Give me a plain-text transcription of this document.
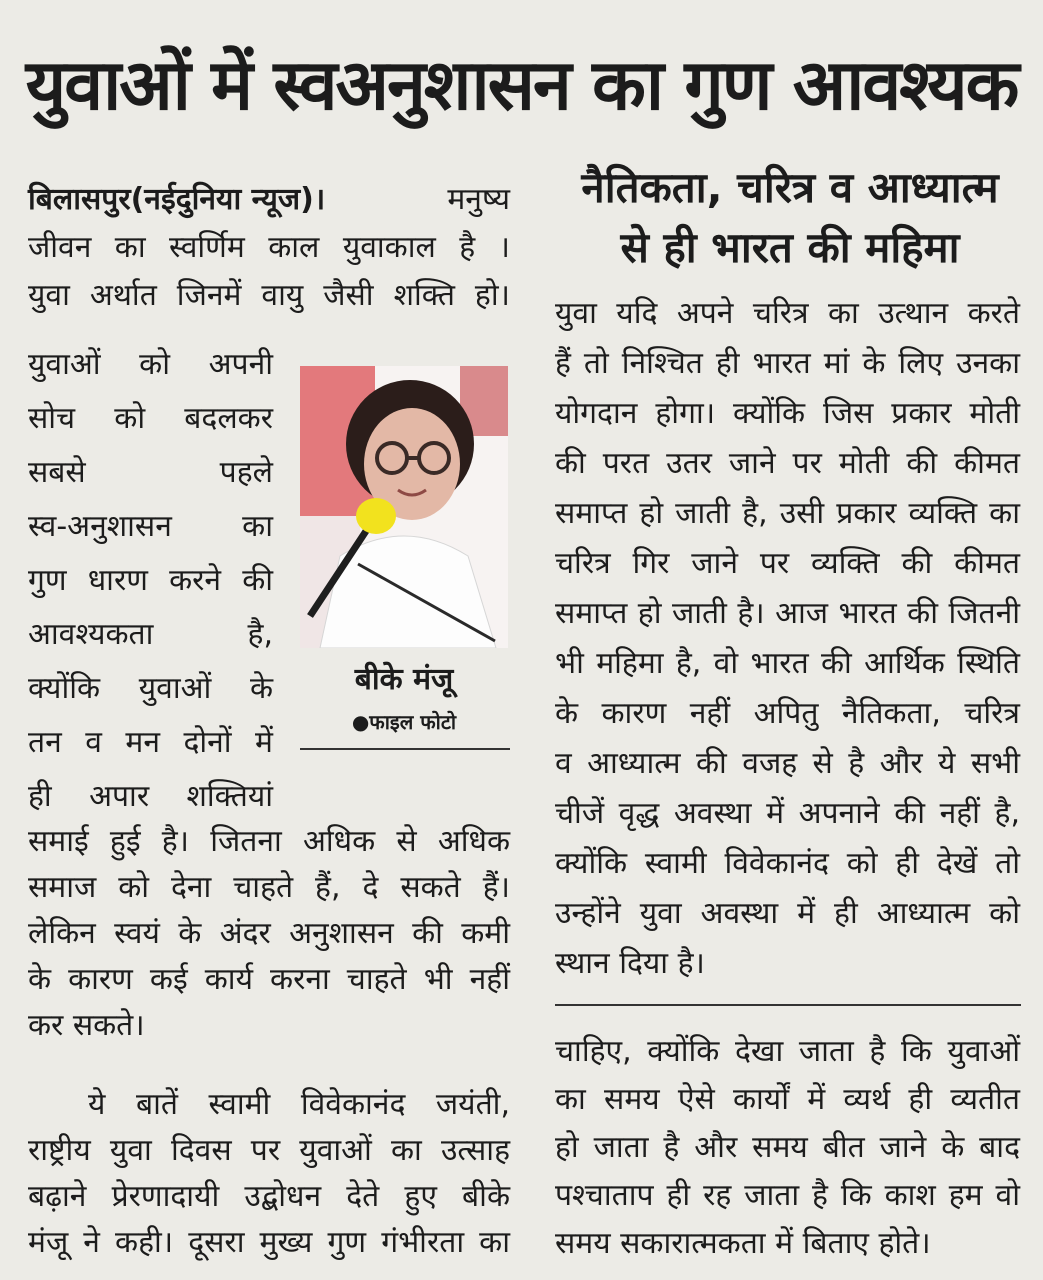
युवाओं में स्वअनुशासन का गुण आवश्यक
बिलासपुर(नईदुनिया न्यूज)।	मनुष्य
जीवन का स्वर्णिम काल युवाकाल है ।
युवा अर्थात जिनमें वायु जैसी शक्ति हो।
युवाओं को अपनी
सोच को बदलकर
सबसे पहले
स्व-अनुशासन का
गुण धारण करने की
आवश्यकता है,
क्योंकि युवाओं के
तन व मन दोनों में
ही अपार शक्तियां
समाई हुई है। जितना अधिक से अधिक
समाज को देना चाहते हैं, दे सकते हैं।
लेकिन स्वयं के अंदर अनुशासन की कमी
के कारण कई कार्य करना चाहते भी नहीं
कर सकते।
ये बातें स्वामी विवेकानंद जयंती,
राष्ट्रीय युवा दिवस पर युवाओं का उत्साह
बढ़ाने प्रेरणादायी उद्बोधन देते हुए बीके
मंजू ने कही। दूसरा मुख्य गुण गंभीरता का
बीके मंजू
●फाइल फोटो
नैतिकता, चरित्र व आध्यात्म
से ही भारत की महिमा
युवा यदि अपने चरित्र का उत्थान करते
हैं तो निश्चित ही भारत मां के लिए उनका
योगदान होगा। क्योंकि जिस प्रकार मोती
की परत उतर जाने पर मोती की कीमत
समाप्त हो जाती है, उसी प्रकार व्यक्ति का
चरित्र गिर जाने पर व्यक्ति की कीमत
समाप्त हो जाती है। आज भारत की जितनी
भी महिमा है, वो भारत की आर्थिक स्थिति
के कारण नहीं अपितु नैतिकता, चरित्र
व आध्यात्म की वजह से है और ये सभी
चीजें वृद्ध अवस्था में अपनाने की नहीं है,
क्योंकि स्वामी विवेकानंद को ही देखें तो
उन्होंने युवा अवस्था में ही आध्यात्म को
स्थान दिया है।
चाहिए, क्योंकि देखा जाता है कि युवाओं
का समय ऐसे कार्यों में व्यर्थ ही व्यतीत
हो जाता है और समय बीत जाने के बाद
पश्चाताप ही रह जाता है कि काश हम वो
समय सकारात्मकता में बिताए होते।
